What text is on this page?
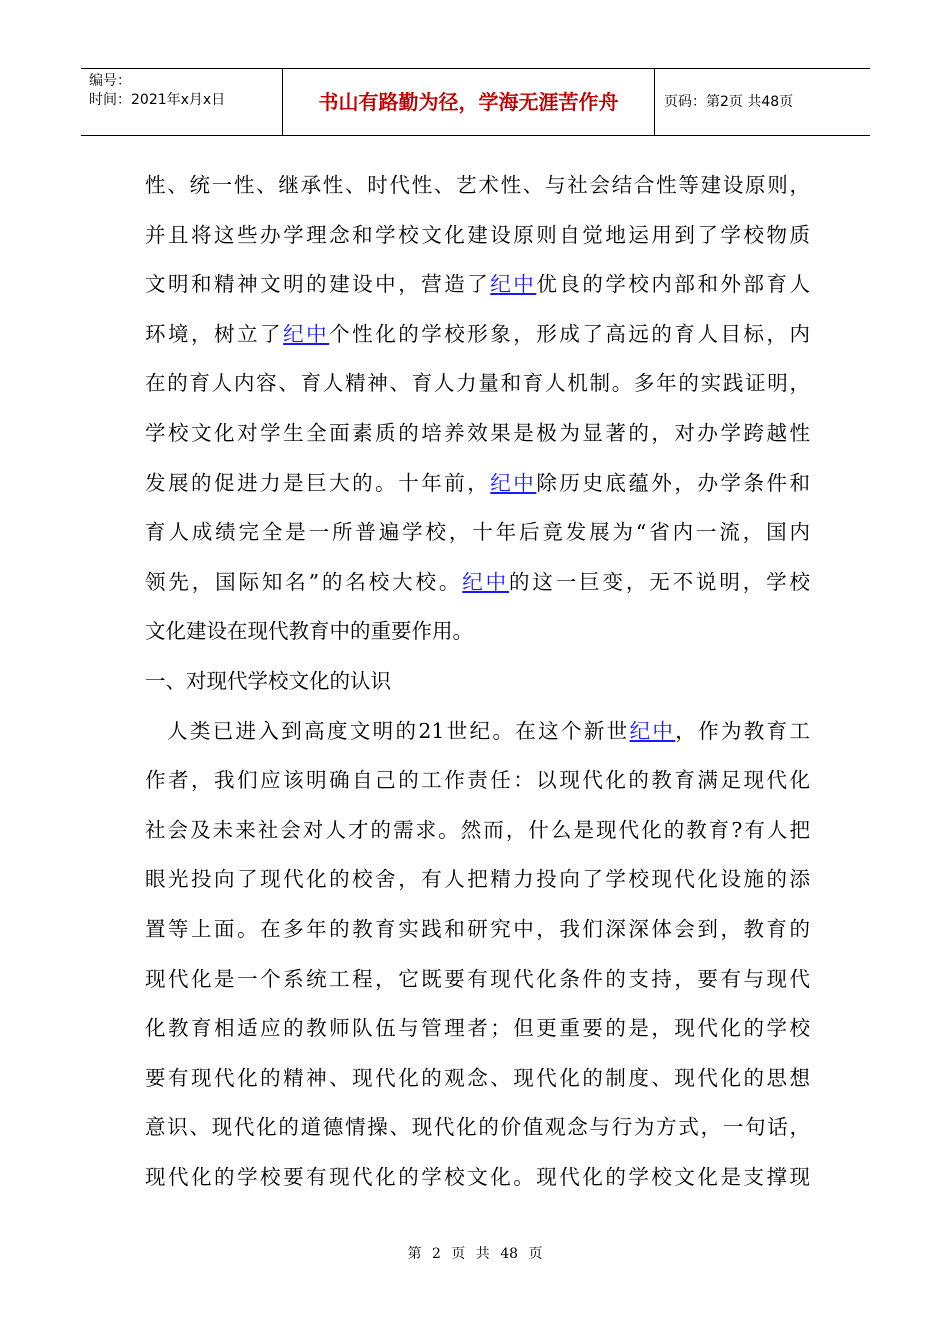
编号：
时间：2021年x月x日	书山有路勤为径，学海无涯苦作舟	页码：第2页 共48页
性、统一性、继承性、时代性、艺术性、与社会结合性等建设原则，
并且将这些办学理念和学校文化建设原则自觉地运用到了学校物质
文明和精神文明的建设中，营造了纪中优良的学校内部和外部育人
环境，树立了纪中个性化的学校形象，形成了高远的育人目标，内
在的育人内容、育人精神、育人力量和育人机制。多年的实践证明，
学校文化对学生全面素质的培养效果是极为显著的，对办学跨越性
发展的促进力是巨大的。十年前，纪中除历史底蕴外，办学条件和
育人成绩完全是一所普遍学校，十年后竟发展为“省内一流，国内
领先，国际知名”的名校大校。纪中的这一巨变，无不说明，学校
文化建设在现代教育中的重要作用。
一、对现代学校文化的认识
人类已进入到高度文明的21世纪。在这个新世纪中，作为教育工
作者，我们应该明确自己的工作责任：以现代化的教育满足现代化
社会及未来社会对人才的需求。然而，什么是现代化的教育?有人把
眼光投向了现代化的校舍，有人把精力投向了学校现代化设施的添
置等上面。在多年的教育实践和研究中，我们深深体会到，教育的
现代化是一个系统工程，它既要有现代化条件的支持，要有与现代
化教育相适应的教师队伍与管理者；但更重要的是，现代化的学校
要有现代化的精神、现代化的观念、现代化的制度、现代化的思想
意识、现代化的道德情操、现代化的价值观念与行为方式，一句话，
现代化的学校要有现代化的学校文化。现代化的学校文化是支撑现
第 2 页 共 48 页
